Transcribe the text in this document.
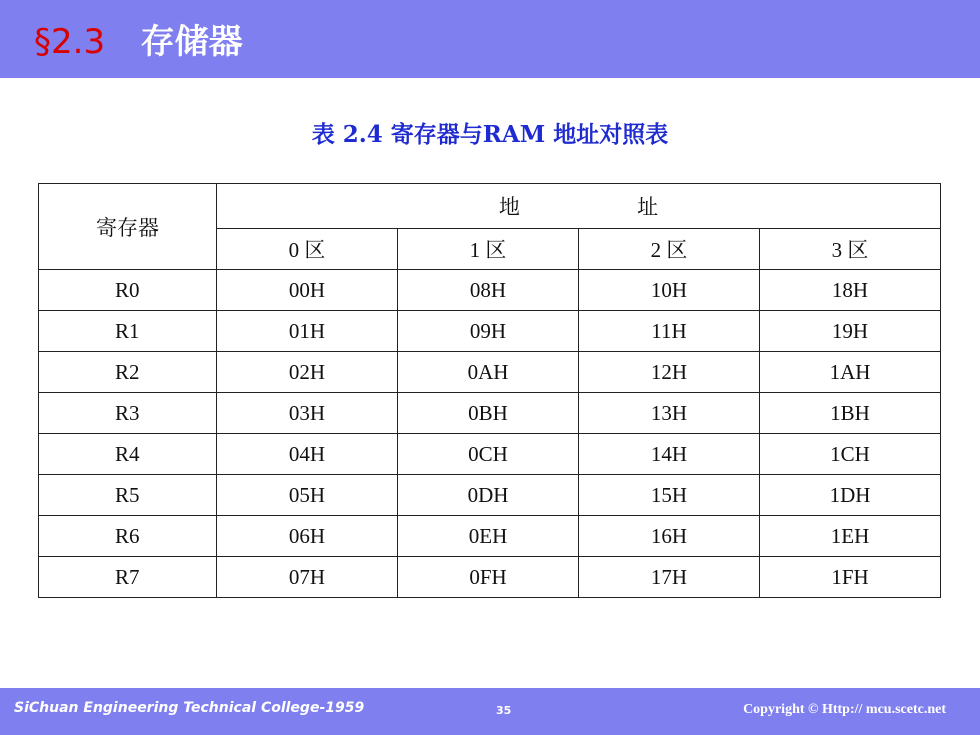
§2.3 存储器
表 2.4 寄存器与RAM 地址对照表
寄存器	地 址			
	0 区	1 区	2 区	3 区
R0	00H	08H	10H	18H
R1	01H	09H	11H	19H
R2	02H	0AH	12H	1AH
R3	03H	0BH	13H	1BH
R4	04H	0CH	14H	1CH
R5	05H	0DH	15H	1DH
R6	06H	0EH	16H	1EH
R7	07H	0FH	17H	1FH
SiChuan Engineering Technical College-1959	35	Copyright © Http:// mcu.scetc.net
